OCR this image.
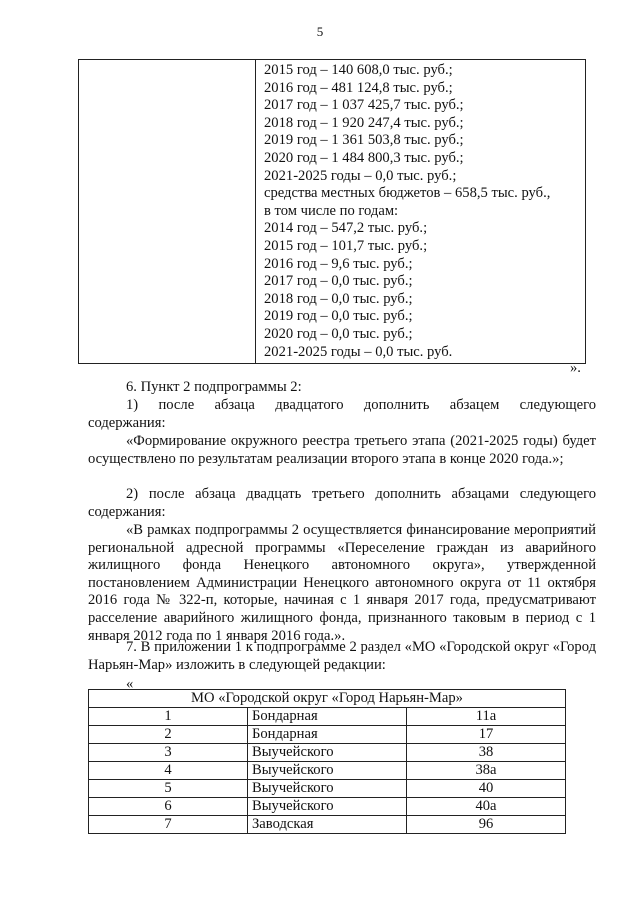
5

2015 год – 140 608,0 тыс. руб.;
2016 год – 481 124,8 тыс. руб.;
2017 год – 1 037 425,7 тыс. руб.;
2018 год – 1 920 247,4 тыс. руб.;
2019 год – 1 361 503,8 тыс. руб.;
2020 год – 1 484 800,3 тыс. руб.;
2021-2025 годы – 0,0 тыс. руб.;
средства местных бюджетов – 658,5 тыс. руб.,
в том числе по годам:
2014 год – 547,2 тыс. руб.;
2015 год – 101,7 тыс. руб.;
2016 год – 9,6 тыс. руб.;
2017 год – 0,0 тыс. руб.;
2018 год – 0,0 тыс. руб.;
2019 год – 0,0 тыс. руб.;
2020 год – 0,0 тыс. руб.;
2021-2025 годы – 0,0 тыс. руб.
».
6. Пункт 2 подпрограммы 2:
1) после абзаца двадцатого дополнить абзацем следующего
содержания:
«Формирование окружного реестра третьего этапа (2021-2025 годы) будет осуществлено по результатам реализации второго этапа в конце 2020 года.»;
2) после абзаца двадцать третьего дополнить абзацами следующего
содержания:
«В рамках подпрограммы 2 осуществляется финансирование мероприятий региональной адресной программы «Переселение граждан из аварийного жилищного фонда Ненецкого автономного округа», утвержденной постановлением Администрации Ненецкого автономного округа от 11 октября 2016 года № 322-п, которые, начиная с 1 января 2017 года, предусматривают расселение аварийного жилищного фонда, признанного таковым в период с 1 января 2012 года по 1 января 2016 года.».
7. В приложении 1 к подпрограмме 2 раздел «МО «Городской округ «Город Нарьян-Мар» изложить в следующей редакции:
«
МО «Городской округ «Город Нарьян-Мар»		
1	Бондарная	11а
2	Бондарная	17
3	Выучейского	38
4	Выучейского	38а
5	Выучейского	40
6	Выучейского	40а
7	Заводская	96
